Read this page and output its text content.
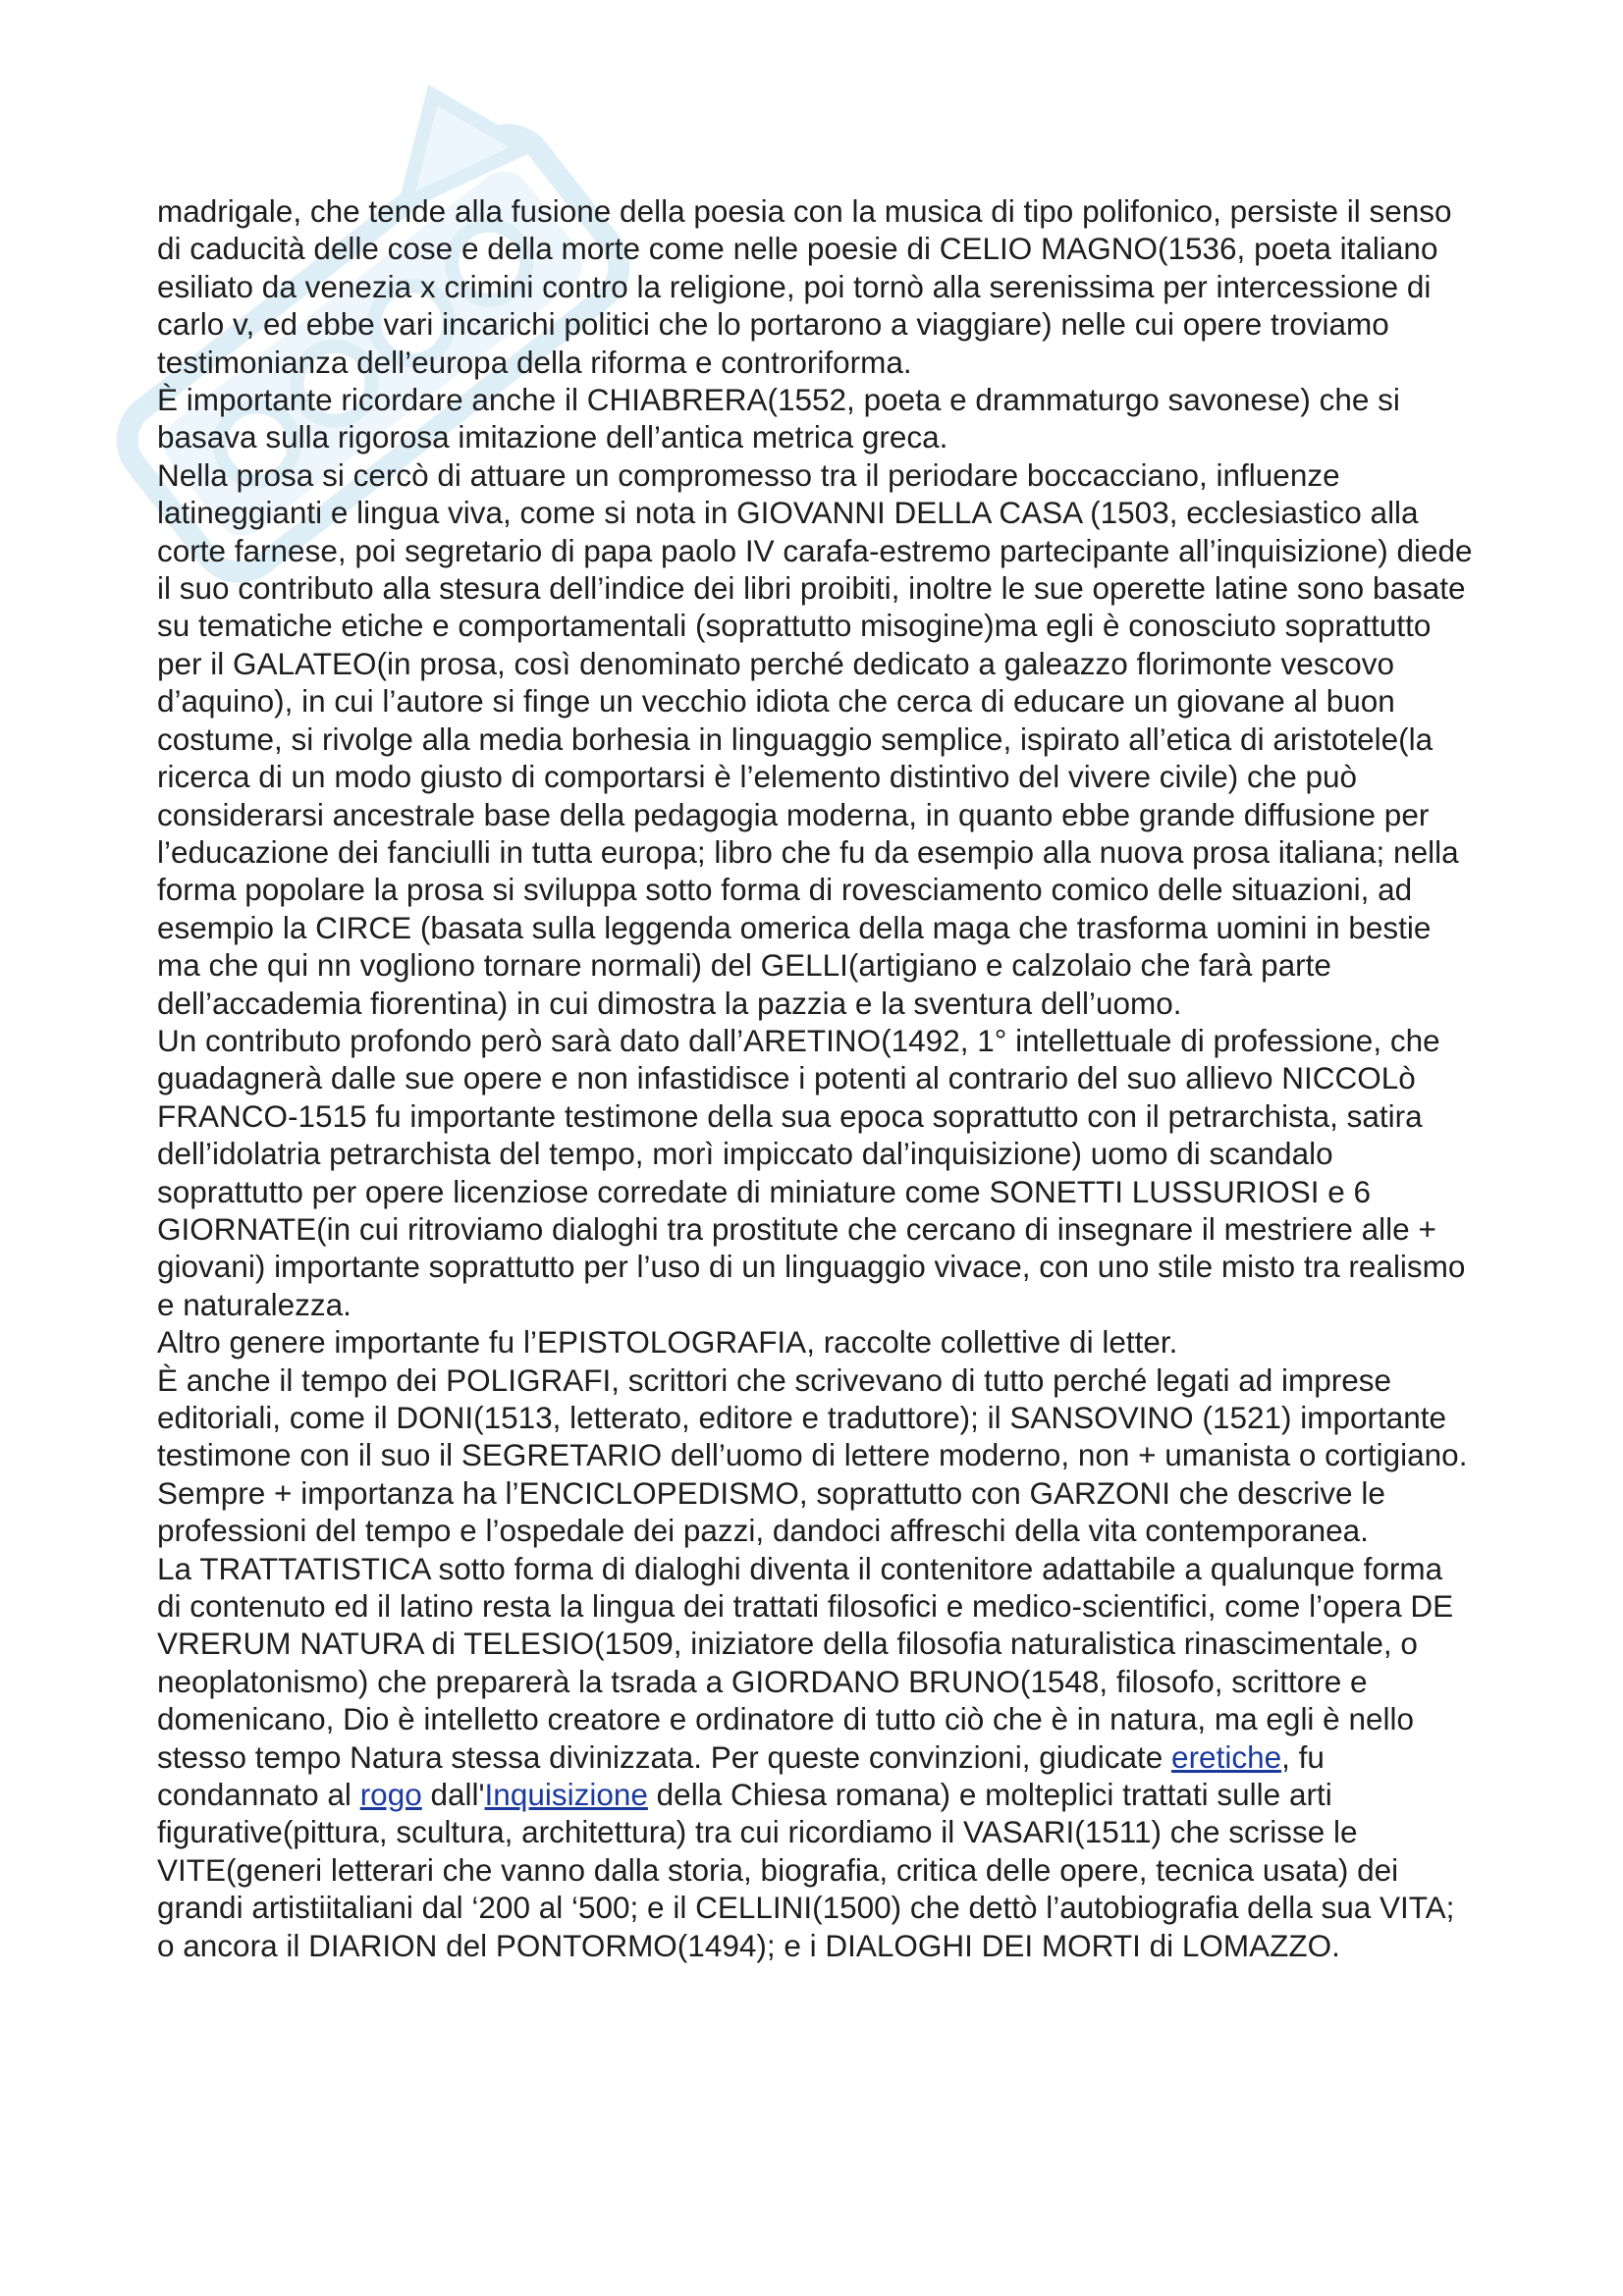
madrigale, che tende alla fusione della poesia con la musica di tipo polifonico, persiste il senso di caducità delle cose e della morte come nelle poesie di CELIO MAGNO(1536, poeta italiano esiliato da venezia x crimini contro la religione, poi tornò alla serenissima per intercessione di carlo v, ed ebbe vari incarichi politici che lo portarono a viaggiare) nelle cui opere troviamo testimonianza dell’europa della riforma e controriforma.

È importante ricordare anche il CHIABRERA(1552, poeta e drammaturgo savonese) che si basava sulla rigorosa imitazione dell’antica metrica greca.

Nella prosa si cercò di attuare un compromesso tra il periodare boccacciano, influenze latineggianti e lingua viva, come si nota in GIOVANNI DELLA CASA (1503, ecclesiastico alla corte farnese, poi segretario di papa paolo IV carafa-estremo partecipante all’inquisizione) diede il suo contributo alla stesura dell’indice dei libri proibiti, inoltre le sue operette latine sono basate su tematiche etiche e comportamentali (soprattutto misogine)ma egli è conosciuto soprattutto per il GALATEO(in prosa, così denominato perché dedicato a galeazzo florimonte vescovo d’aquino), in cui l’autore si finge un vecchio idiota che cerca di educare un giovane al buon costume, si rivolge alla media borhesia in linguaggio semplice, ispirato all’etica di aristotele(la ricerca di un modo giusto di comportarsi è l’elemento distintivo del vivere civile) che può considerarsi ancestrale base della pedagogia moderna, in quanto ebbe grande diffusione per l’educazione dei fanciulli in tutta europa; libro che fu da esempio alla nuova prosa italiana; nella forma popolare la prosa si sviluppa sotto forma di rovesciamento comico delle situazioni, ad esempio la CIRCE (basata sulla leggenda omerica della maga che trasforma uomini in bestie ma che qui nn vogliono tornare normali) del GELLI(artigiano e calzolaio che farà parte dell’accademia fiorentina) in cui dimostra la pazzia e la sventura dell’uomo.

Un contributo profondo però sarà dato dall’ARETINO(1492, 1° intellettuale di professione, che guadagnerà dalle sue opere e non infastidisce i potenti al contrario del suo allievo NICCOLò FRANCO-1515 fu importante testimone della sua epoca soprattutto con il petrarchista, satira dell’idolatria petrarchista del tempo, morì impiccato dal’inquisizione) uomo di scandalo soprattutto per opere licenziose corredate di miniature come SONETTI LUSSURIOSI e 6 GIORNATE(in cui ritroviamo dialoghi tra prostitute che cercano di insegnare il mestriere alle + giovani) importante soprattutto per l’uso di un linguaggio vivace, con uno stile misto tra realismo e naturalezza.

Altro genere importante fu l’EPISTOLOGRAFIA, raccolte collettive di letter.

È anche il tempo dei POLIGRAFI, scrittori che scrivevano di tutto perché legati ad imprese editoriali, come il DONI(1513, letterato, editore e traduttore); il SANSOVINO (1521) importante testimone con il suo il SEGRETARIO dell’uomo di lettere moderno, non + umanista o cortigiano.

Sempre + importanza ha l’ENCICLOPEDISMO, soprattutto con GARZONI che descrive le professioni del tempo e l’ospedale dei pazzi, dandoci affreschi della vita contemporanea.

La TRATTATISTICA sotto forma di dialoghi diventa il contenitore adattabile a qualunque forma di contenuto ed il latino resta la lingua dei trattati filosofici e medico-scientifici, come l’opera DE VRERUM NATURA di TELESIO(1509, iniziatore della filosofia naturalistica rinascimentale, o neoplatonismo) che preparerà la tsrada a GIORDANO BRUNO(1548, filosofo, scrittore e domenicano, Dio è intelletto creatore e ordinatore di tutto ciò che è in natura, ma egli è nello stesso tempo Natura stessa divinizzata. Per queste convinzioni, giudicate eretiche, fu condannato al rogo dall'Inquisizione della Chiesa romana) e molteplici trattati sulle arti figurative(pittura, scultura, architettura) tra cui ricordiamo il VASARI(1511) che scrisse le VITE(generi letterari che vanno dalla storia, biografia, critica delle opere, tecnica usata) dei grandi artistiitaliani dal ‘200 al ‘500; e il CELLINI(1500) che dettò l’autobiografia della sua VITA; o ancora il DIARION del PONTORMO(1494); e i DIALOGHI DEI MORTI di LOMAZZO.
